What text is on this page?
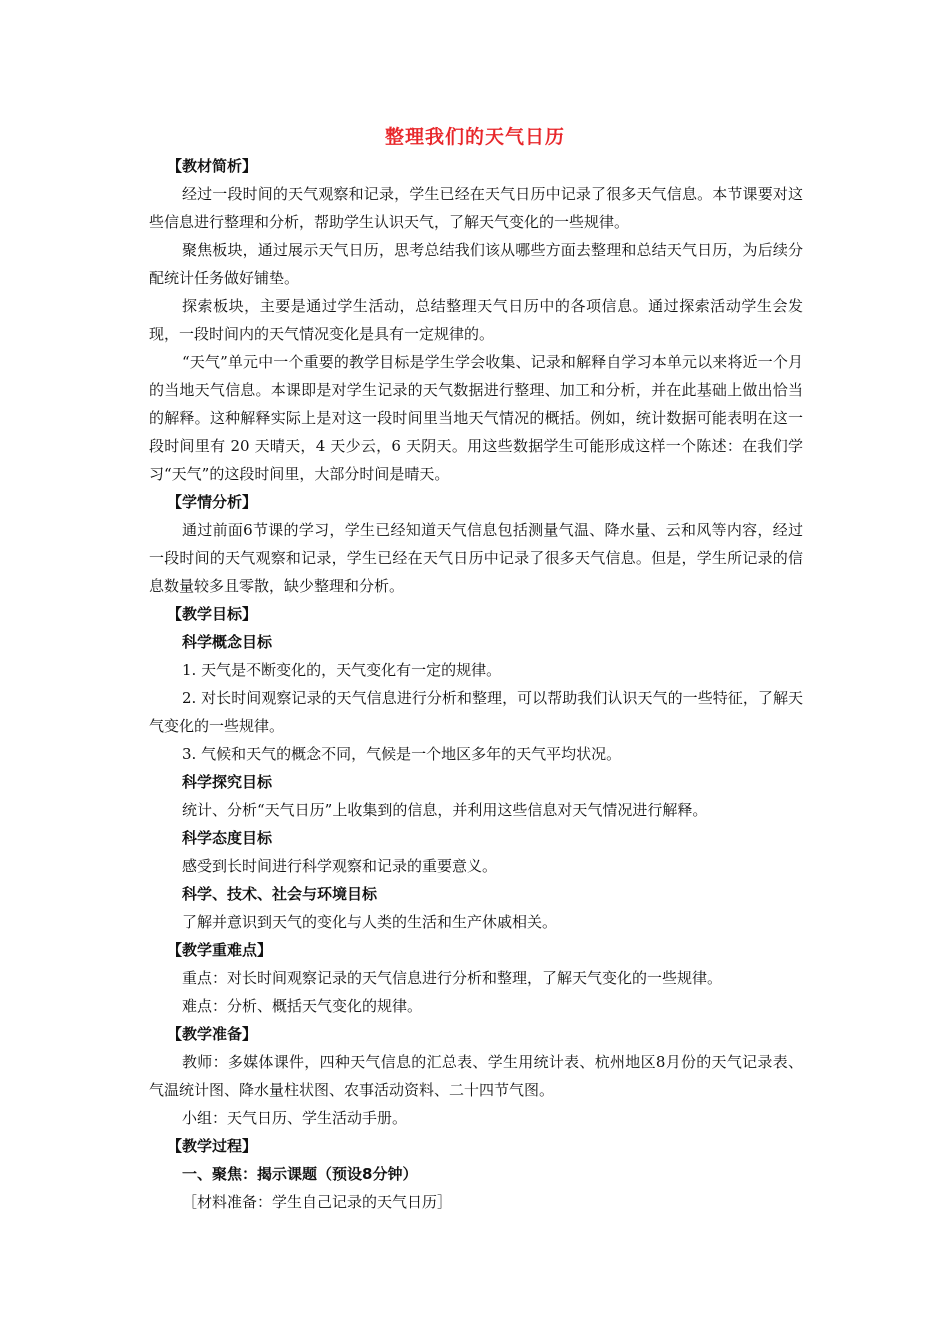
整理我们的天气日历

【教材简析】

经过一段时间的天气观察和记录，学生已经在天气日历中记录了很多天气信息。本节课要对这些信息进行整理和分析，帮助学生认识天气，了解天气变化的一些规律。

聚焦板块，通过展示天气日历，思考总结我们该从哪些方面去整理和总结天气日历，为后续分配统计任务做好铺垫。

探索板块，主要是通过学生活动，总结整理天气日历中的各项信息。通过探索活动学生会发现，一段时间内的天气情况变化是具有一定规律的。

“天气”单元中一个重要的教学目标是学生学会收集、记录和解释自学习本单元以来将近一个月的当地天气信息。本课即是对学生记录的天气数据进行整理、加工和分析，并在此基础上做出恰当的解释。这种解释实际上是对这一段时间里当地天气情况的概括。例如，统计数据可能表明在这一段时间里有 20 天晴天，4 天少云，6 天阴天。用这些数据学生可能形成这样一个陈述：在我们学习“天气”的这段时间里，大部分时间是晴天。

【学情分析】

通过前面6节课的学习，学生已经知道天气信息包括测量气温、降水量、云和风等内容，经过一段时间的天气观察和记录，学生已经在天气日历中记录了很多天气信息。但是，学生所记录的信息数量较多且零散，缺少整理和分析。

【教学目标】

科学概念目标

1. 天气是不断变化的，天气变化有一定的规律。

2. 对长时间观察记录的天气信息进行分析和整理，可以帮助我们认识天气的一些特征，了解天气变化的一些规律。

3. 气候和天气的概念不同，气候是一个地区多年的天气平均状况。

科学探究目标

统计、分析“天气日历”上收集到的信息，并利用这些信息对天气情况进行解释。

科学态度目标

感受到长时间进行科学观察和记录的重要意义。

科学、技术、社会与环境目标

了解并意识到天气的变化与人类的生活和生产休戚相关。

【教学重难点】

重点：对长时间观察记录的天气信息进行分析和整理，了解天气变化的一些规律。

难点：分析、概括天气变化的规律。

【教学准备】

教师：多媒体课件，四种天气信息的汇总表、学生用统计表、杭州地区8月份的天气记录表、气温统计图、降水量柱状图、农事活动资料、二十四节气图。

小组：天气日历、学生活动手册。

【教学过程】

一、聚焦：揭示课题（预设8分钟）

［材料准备：学生自己记录的天气日历］
